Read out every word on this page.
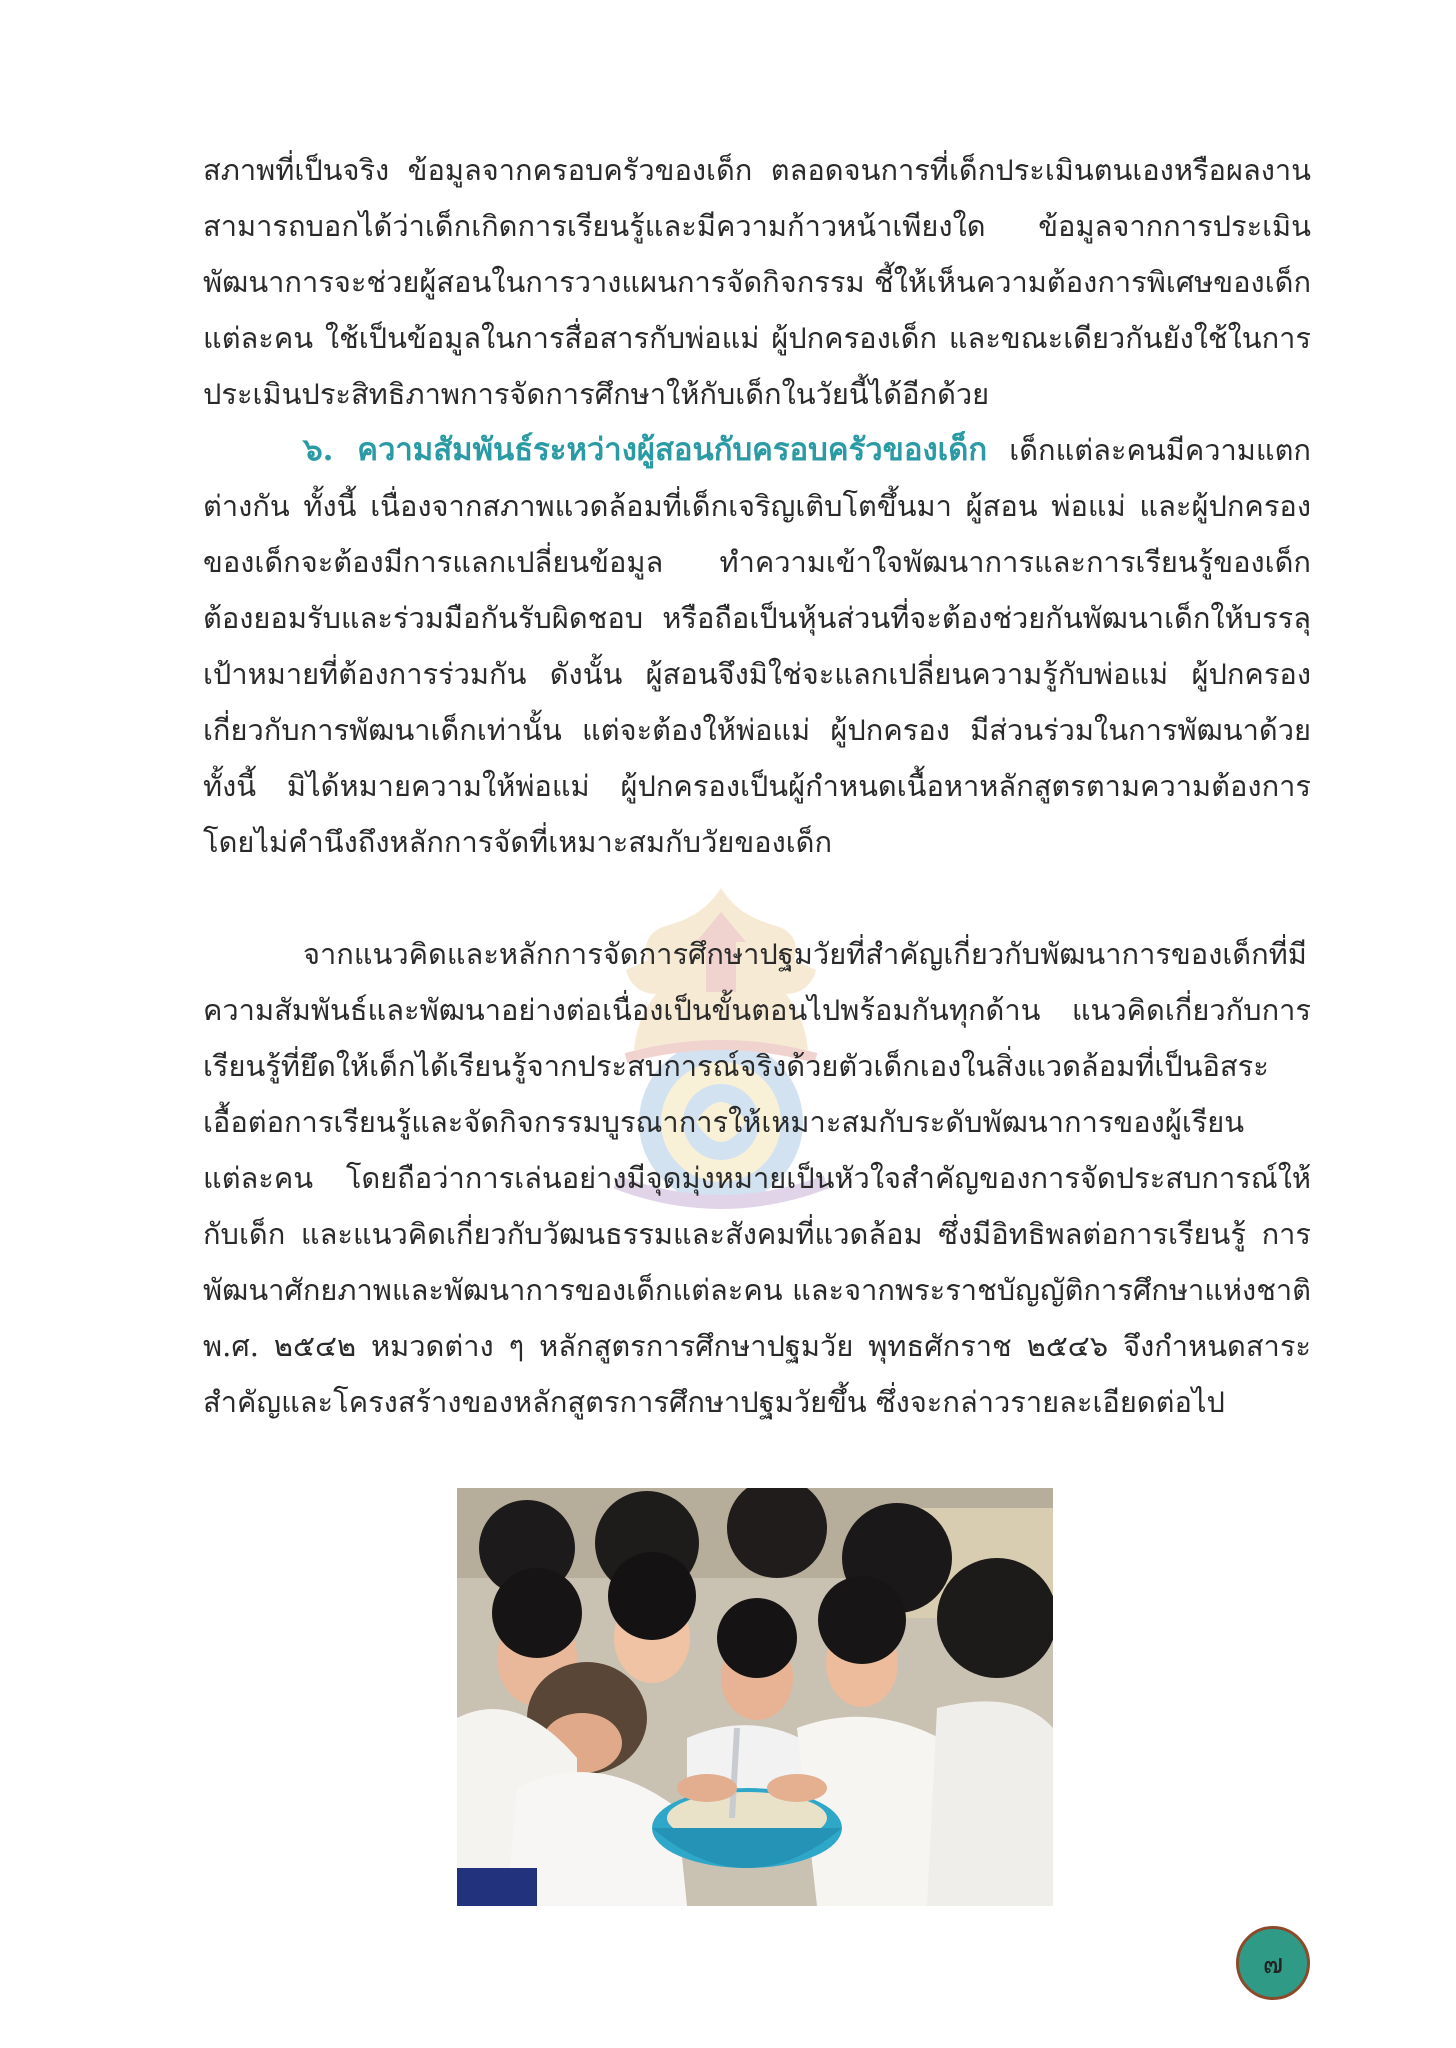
สภาพที่เป็นจริง ข้อมูลจากครอบครัวของเด็ก ตลอดจนการที่เด็กประเมินตนเองหรือผลงาน สามารถบอกได้ว่าเด็กเกิดการเรียนรู้และมีความก้าวหน้าเพียงใด ข้อมูลจากการประเมินพัฒนาการจะช่วยผู้สอนในการวางแผนการจัดกิจกรรม ชี้ให้เห็นความต้องการพิเศษของเด็กแต่ละคน ใช้เป็นข้อมูลในการสื่อสารกับพ่อแม่ ผู้ปกครองเด็ก และขณะเดียวกันยังใช้ในการประเมินประสิทธิภาพการจัดการศึกษาให้กับเด็กในวัยนี้ได้อีกด้วย

๖. ความสัมพันธ์ระหว่างผู้สอนกับครอบครัวของเด็ก เด็กแต่ละคนมีความแตกต่างกัน ทั้งนี้ เนื่องจากสภาพแวดล้อมที่เด็กเจริญเติบโตขึ้นมา ผู้สอน พ่อแม่ และผู้ปกครองของเด็กจะต้องมีการแลกเปลี่ยนข้อมูล ทำความเข้าใจพัฒนาการและการเรียนรู้ของเด็ก ต้องยอมรับและร่วมมือกันรับผิดชอบ หรือถือเป็นหุ้นส่วนที่จะต้องช่วยกันพัฒนาเด็กให้บรรลุเป้าหมายที่ต้องการร่วมกัน ดังนั้น ผู้สอนจึงมิใช่จะแลกเปลี่ยนความรู้กับพ่อแม่ ผู้ปกครองเกี่ยวกับการพัฒนาเด็กเท่านั้น แต่จะต้องให้พ่อแม่ ผู้ปกครอง มีส่วนร่วมในการพัฒนาด้วย ทั้งนี้ มิได้หมายความให้พ่อแม่ ผู้ปกครองเป็นผู้กำหนดเนื้อหาหลักสูตรตามความต้องการ โดยไม่คำนึงถึงหลักการจัดที่เหมาะสมกับวัยของเด็ก

จากแนวคิดและหลักการจัดการศึกษาปฐมวัยที่สำคัญเกี่ยวกับพัฒนาการของเด็กที่มีความสัมพันธ์และพัฒนาอย่างต่อเนื่องเป็นขั้นตอนไปพร้อมกันทุกด้าน แนวคิดเกี่ยวกับการเรียนรู้ที่ยึดให้เด็กได้เรียนรู้จากประสบการณ์จริงด้วยตัวเด็กเองในสิ่งแวดล้อมที่เป็นอิสระเอื้อต่อการเรียนรู้และจัดกิจกรรมบูรณาการให้เหมาะสมกับระดับพัฒนาการของผู้เรียนแต่ละคน โดยถือว่าการเล่นอย่างมีจุดมุ่งหมายเป็นหัวใจสำคัญของการจัดประสบการณ์ให้กับเด็ก และแนวคิดเกี่ยวกับวัฒนธรรมและสังคมที่แวดล้อม ซึ่งมีอิทธิพลต่อการเรียนรู้ การพัฒนาศักยภาพและพัฒนาการของเด็กแต่ละคน และจากพระราชบัญญัติการศึกษาแห่งชาติ พ.ศ. ๒๕๔๒ หมวดต่าง ๆ หลักสูตรการศึกษาปฐมวัย พุทธศักราช ๒๕๔๖ จึงกำหนดสาระสำคัญและโครงสร้างของหลักสูตรการศึกษาปฐมวัยขึ้น ซึ่งจะกล่าวรายละเอียดต่อไป

๗
